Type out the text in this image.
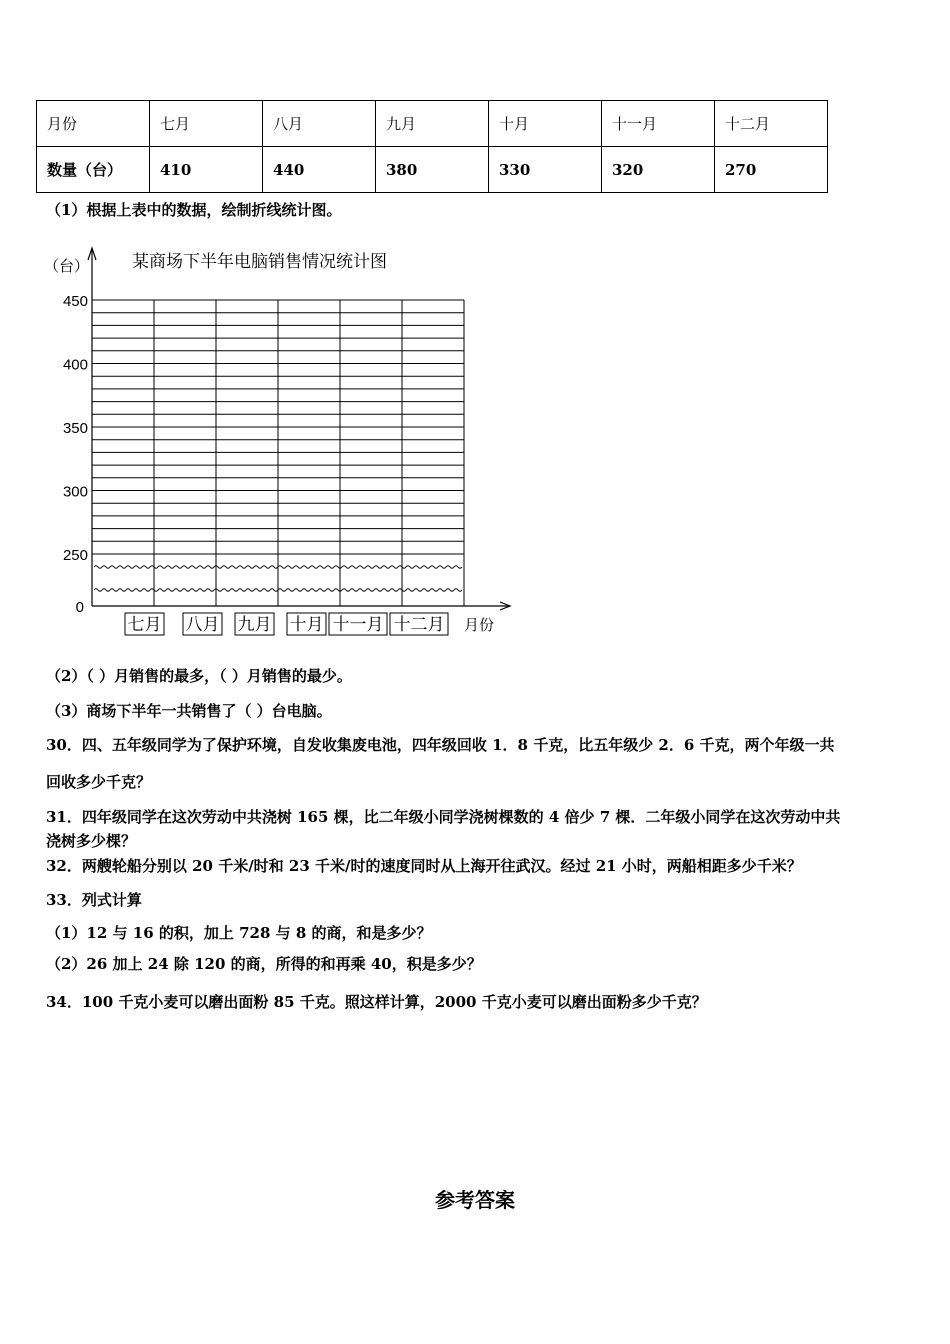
月份	七月	八月	九月	十月	十一月	十二月
数量（台）	410	440	380	330	320	270
（1）根据上表中的数据，绘制折线统计图。
某商场下半年电脑销售情况统计图
（台）
月份
450
400
350
300
250
0
七月 八月 九月 十月 十一月 十二月
（2）（ ）月销售的最多，（ ）月销售的最少。
（3）商场下半年一共销售了（ ）台电脑。
30．四、五年级同学为了保护环境，自发收集废电池，四年级回收 1．8 千克，比五年级少 2．6 千克，两个年级一共
回收多少千克？
31．四年级同学在这次劳动中共浇树 165 棵，比二年级小同学浇树棵数的 4 倍少 7 棵．二年级小同学在这次劳动中共
浇树多少棵？
32．两艘轮船分别以 20 千米/时和 23 千米/时的速度同时从上海开往武汉。经过 21 小时，两船相距多少千米？
33．列式计算
（1）12 与 16 的积，加上 728 与 8 的商，和是多少？
（2）26 加上 24 除 120 的商，所得的和再乘 40，积是多少？
34．100 千克小麦可以磨出面粉 85 千克。照这样计算，2000 千克小麦可以磨出面粉多少千克？
参考答案
